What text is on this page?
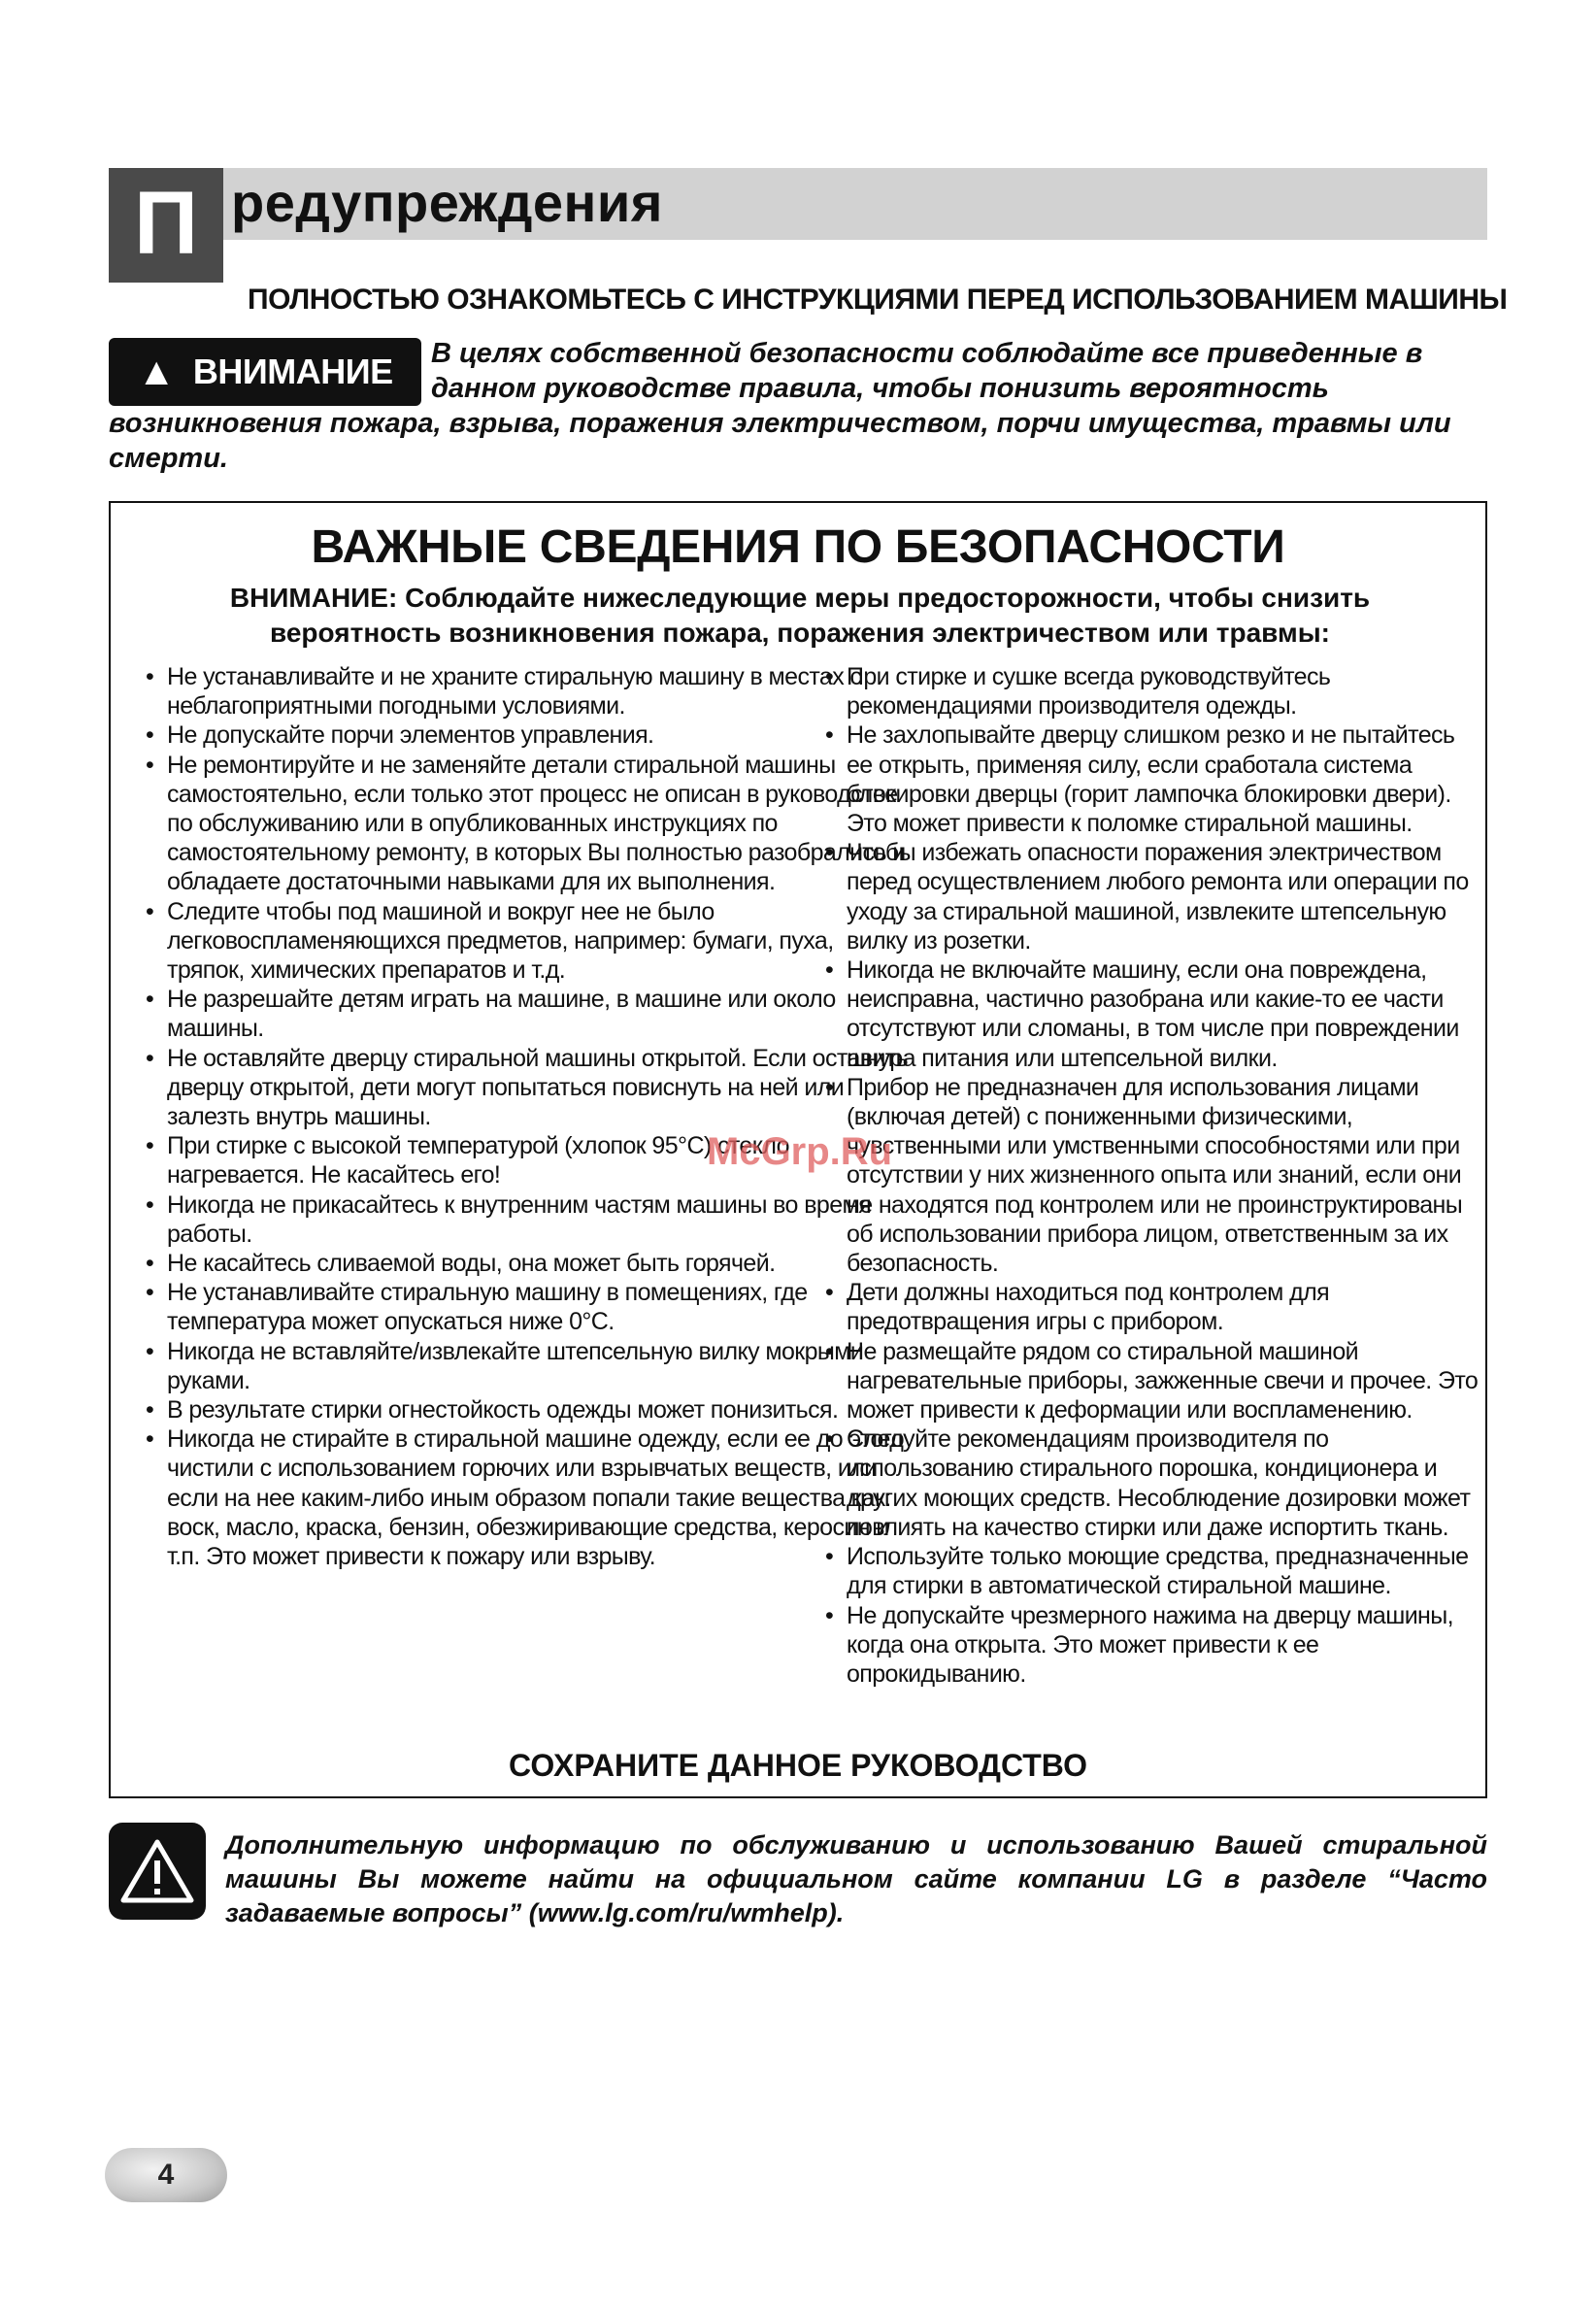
П редупреждения
ПОЛНОСТЬЮ ОЗНАКОМЬТЕСЬ С ИНСТРУКЦИЯМИ ПЕРЕД ИСПОЛЬЗОВАНИЕМ МАШИНЫ
В целях собственной безопасности соблюдайте все приведенные в данном руководстве правила, чтобы понизить вероятность возникновения пожара, взрыва, поражения электричеством, порчи имущества, травмы или смерти.
▲ ВНИМАНИЕ
ВАЖНЫЕ СВЕДЕНИЯ ПО БЕЗОПАСНОСТИ
ВНИМАНИЕ: Соблюдайте нижеследующие меры предосторожности, чтобы снизить вероятность возникновения пожара, поражения электричеством или травмы:
• Не устанавливайте и не храните стиральную машину в местах с неблагоприятными погодными условиями.
• Не допускайте порчи элементов управления.
• Не ремонтируйте и не заменяйте детали стиральной машины самостоятельно, если только этот процесс не описан в руководстве по обслуживанию или в опубликованных инструкциях по самостоятельному ремонту, в которых Вы полностью разобрались и обладаете достаточными навыками для их выполнения.
• Следите чтобы под машиной и вокруг нее не было легковоспламеняющихся предметов, например: бумаги, пуха, тряпок, химических препаратов и т.д.
• Не разрешайте детям играть на машине, в машине или около машины.
• Не оставляйте дверцу стиральной машины открытой. Если оставить дверцу открытой, дети могут попытаться повиснуть на ней или залезть внутрь машины.
• При стирке с высокой температурой (хлопок 95°C) стекло нагревается. Не касайтесь его!
• Никогда не прикасайтесь к внутренним частям машины во время работы.
• Не касайтесь сливаемой воды, она может быть горячей.
• Не устанавливайте стиральную машину в помещениях, где температура может опускаться ниже 0°C.
• Никогда не вставляйте/извлекайте штепсельную вилку мокрыми руками.
• В результате стирки огнестойкость одежды может понизиться.
• Никогда не стирайте в стиральной машине одежду, если ее до этого чистили с использованием горючих или взрывчатых веществ, или если на нее каким-либо иным образом попали такие вещества как: воск, масло, краска, бензин, обезжиривающие средства, керосин и т.п. Это может привести к пожару или взрыву.
• При стирке и сушке всегда руководствуйтесь рекомендациями производителя одежды.
• Не захлопывайте дверцу слишком резко и не пытайтесь ее открыть, применяя силу, если сработала система блокировки дверцы (горит лампочка блокировки двери). Это может привести к поломке стиральной машины.
• Чтобы избежать опасности поражения электричеством перед осуществлением любого ремонта или операции по уходу за стиральной машиной, извлеките штепсельную вилку из розетки.
• Никогда не включайте машину, если она повреждена, неисправна, частично разобрана или какие-то ее части отсутствуют или сломаны, в том числе при повреждении шнура питания или штепсельной вилки.
• Прибор не предназначен для использования лицами (включая детей) с пониженными физическими, чувственными или умственными способностями или при отсутствии у них жизненного опыта или знаний, если они не находятся под контролем или не проинструктированы об использовании прибора лицом, ответственным за их безопасность.
• Дети должны находиться под контролем для предотвращения игры с прибором.
• Не размещайте рядом со стиральной машиной нагревательные приборы, зажженные свечи и прочее. Это может привести к деформации или воспламенению.
• Следуйте рекомендациям производителя по использованию стирального порошка, кондиционера и других моющих средств. Несоблюдение дозировки может повлиять на качество стирки или даже испортить ткань.
• Используйте только моющие средства, предназначенные для стирки в автоматической стиральной машине.
• Не допускайте чрезмерного нажима на дверцу машины, когда она открыта. Это может привести к ее опрокидыванию.
СОХРАНИТЕ ДАННОЕ РУКОВОДСТВО
McGrp.Ru
Дополнительную информацию по обслуживанию и использованию Вашей стиральной машины Вы можете найти на официальном сайте компании LG в разделе “Часто задаваемые вопросы” (www.lg.com/ru/wmhelp).
4
